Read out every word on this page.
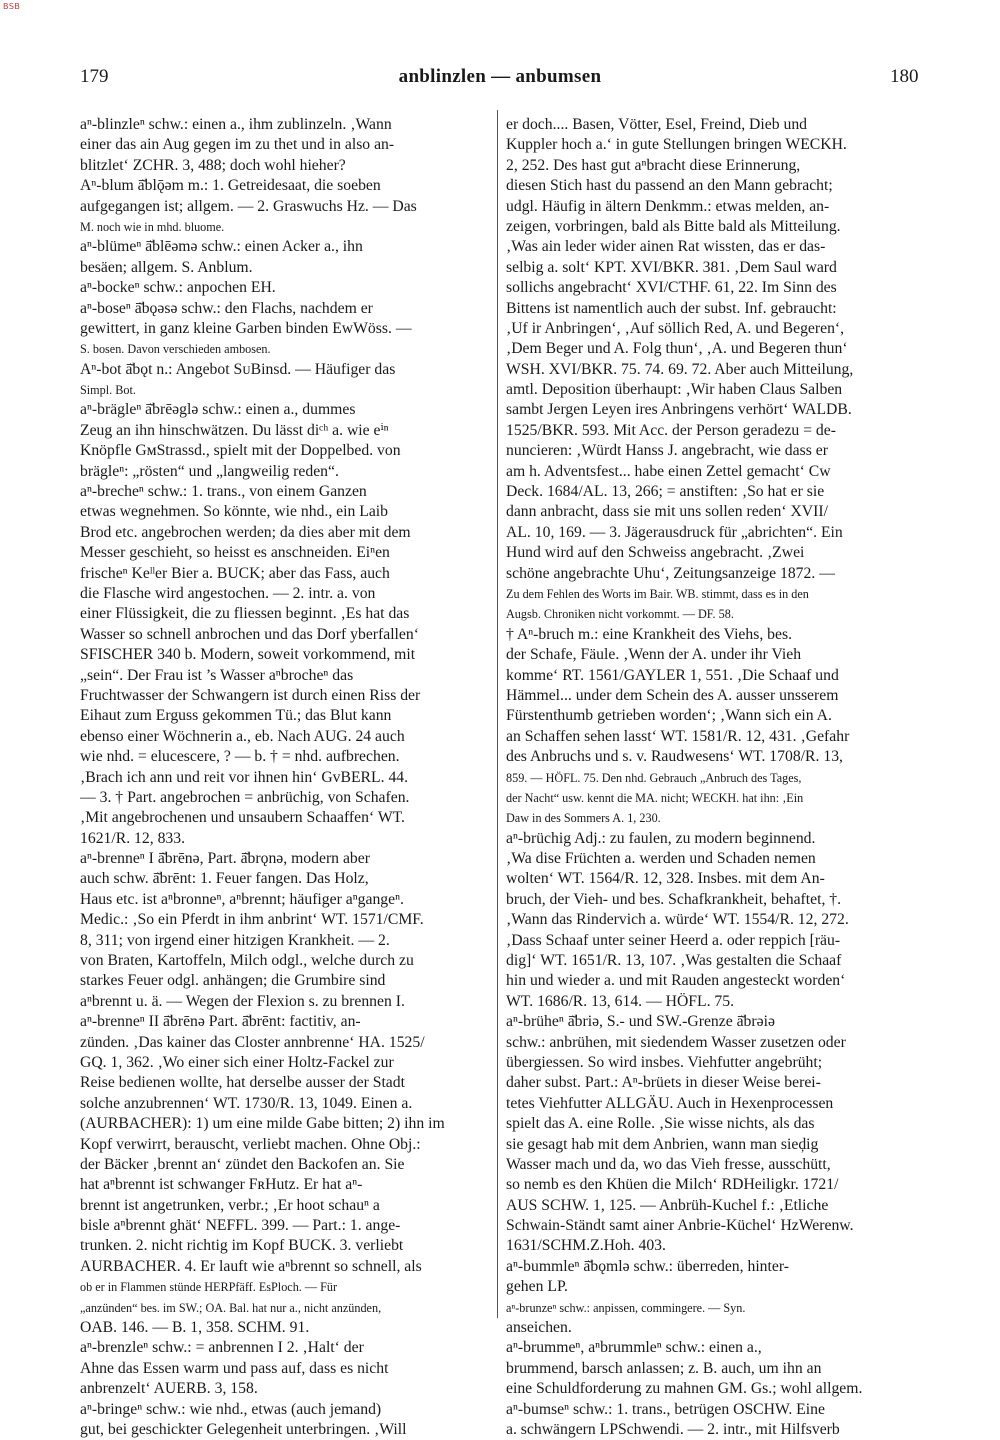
BSB
179	anblinzlen — anbumsen	180
aⁿ-blinzleⁿ schw.: einen a., ihm zublinzeln. ‚Wann
einer das ain Aug gegen im zu thet und in also an-
blitzlet‘ ZCHR. 3, 488; doch wohl hieher?
Aⁿ-blum ā̆blǭəm m.: 1. Getreidesaat, die soeben
aufgegangen ist; allgem. — 2. Graswuchs Hz. — Das
M. noch wie in mhd. bluome.
aⁿ-blümeⁿ ā̆blēəmə schw.: einen Acker a., ihn
besäen; allgem. S. Anblum.
aⁿ-bockeⁿ schw.: anpochen EH.
aⁿ-boseⁿ ā̆bǫəsə schw.: den Flachs, nachdem er
gewittert, in ganz kleine Garben binden EwWöss. —
S. bosen. Davon verschieden ambosen.
Aⁿ-bot ā̆bǫt n.: Angebot SᴜBinsd. — Häufiger das
Simpl. Bot.
aⁿ-brägleⁿ ā̆brēəglə schw.: einen a., dummes
Zeug an ihn hinschwätzen. Du lässt diᶜʰ a. wie eⁱⁿ
Knöpfle GмStrassd., spielt mit der Doppelbed. von
brägleⁿ: „rösten“ und „langweilig reden“.
aⁿ-brecheⁿ schw.: 1. trans., von einem Ganzen
etwas wegnehmen. So könnte, wie nhd., ein Laib
Brod etc. angebrochen werden; da dies aber mit dem
Messer geschieht, so heisst es anschneiden. Eiⁿen
frischeⁿ Keˡˡer Bier a. BUCK; aber das Fass, auch
die Flasche wird angestochen. — 2. intr. a. von
einer Flüssigkeit, die zu fliessen beginnt. ‚Es hat das
Wasser so schnell anbrochen und das Dorf yberfallen‘
SFISCHER 340 b. Modern, soweit vorkommend, mit
„sein“. Der Frau ist ’s Wasser aⁿbrocheⁿ das
Fruchtwasser der Schwangern ist durch einen Riss der
Eihaut zum Erguss gekommen Tü.; das Blut kann
ebenso einer Wöchnerin a., eb. Nach AUG. 24 auch
wie nhd. = elucescere, ? — b. † = nhd. aufbrechen.
‚Brach ich ann und reit vor ihnen hin‘ GvBERL. 44.
— 3. † Part. angebrochen = anbrüchig, von Schafen.
‚Mit angebrochenen und unsaubern Schaaffen‘ WT.
1621/R. 12, 833.
aⁿ-brenneⁿ I ā̆brēnə, Part. ā̆brǫnə, modern aber
auch schw. ā̆brēnt: 1. Feuer fangen. Das Holz,
Haus etc. ist aⁿbronneⁿ, aⁿbrennt; häufiger aⁿgangeⁿ.
Medic.: ‚So ein Pferdt in ihm anbrint‘ WT. 1571/CMF.
8, 311; von irgend einer hitzigen Krankheit. — 2.
von Braten, Kartoffeln, Milch odgl., welche durch zu
starkes Feuer odgl. anhängen; die Grumbire sind
aⁿbrennt u. ä. — Wegen der Flexion s. zu brennen I.
aⁿ-brenneⁿ II ā̆brēnə Part. ā̆brēnt: factitiv, an-
zünden. ‚Das kainer das Closter annbrenne‘ HA. 1525/
GQ. 1, 362. ‚Wo einer sich einer Holtz-Fackel zur
Reise bedienen wollte, hat derselbe ausser der Stadt
solche anzubrennen‘ WT. 1730/R. 13, 1049. Einen a.
(AURBACHER): 1) um eine milde Gabe bitten; 2) ihn im
Kopf verwirrt, berauscht, verliebt machen. Ohne Obj.:
der Bäcker ‚brennt an‘ zündet den Backofen an. Sie
hat aⁿbrennt ist schwanger FʀHutz. Er hat aⁿ-
brennt ist angetrunken, verbr.; ‚Er hoot schauⁿ a
bisle aⁿbrennt ghät‘ NEFFL. 399. — Part.: 1. ange-
trunken. 2. nicht richtig im Kopf BUCK. 3. verliebt
AURBACHER. 4. Er lauft wie aⁿbrennt so schnell, als
ob er in Flammen stünde HERPfäff. EsPloch. — Für
„anzünden“ bes. im SW.; OA. Bal. hat nur a., nicht anzünden,
OAB. 146. — B. 1, 358. SCHM. 91.
aⁿ-brenzleⁿ schw.: = anbrennen I 2. ‚Halt‘ der
Ahne das Essen warm und pass auf, dass es nicht
anbrenzelt‘ AUERB. 3, 158.
aⁿ-bringeⁿ schw.: wie nhd., etwas (auch jemand)
gut, bei geschickter Gelegenheit unterbringen. ‚Will
er doch.... Basen, Vötter, Esel, Freind, Dieb und
Kuppler hoch a.‘ in gute Stellungen bringen WECKH.
2, 252. Des hast gut aⁿbracht diese Erinnerung,
diesen Stich hast du passend an den Mann gebracht;
udgl. Häufig in ältern Denkmm.: etwas melden, an-
zeigen, vorbringen, bald als Bitte bald als Mitteilung.
‚Was ain leder wider ainen Rat wissten, das er das-
selbig a. solt‘ KPT. XVI/BKR. 381. ‚Dem Saul ward
sollichs angebracht‘ XVI/CTHF. 61, 22. Im Sinn des
Bittens ist namentlich auch der subst. Inf. gebraucht:
‚Uf ir Anbringen‘, ‚Auf söllich Red, A. und Begeren‘,
‚Dem Beger und A. Folg thun‘, ‚A. und Begeren thun‘
WSH. XVI/BKR. 75. 74. 69. 72. Aber auch Mitteilung,
amtl. Deposition überhaupt: ‚Wir haben Claus Salben
sambt Jergen Leyen ires Anbringens verhört‘ WALDB.
1525/BKR. 593. Mit Acc. der Person geradezu = de-
nuncieren: ‚Würdt Hanss J. angebracht, wie dass er
am h. Adventsfest... habe einen Zettel gemacht‘ Cw
Deck. 1684/AL. 13, 266; = anstiften: ‚So hat er sie
dann anbracht, dass sie mit uns sollen reden‘ XVII/
AL. 10, 169. — 3. Jägerausdruck für „abrichten“. Ein
Hund wird auf den Schweiss angebracht. ‚Zwei
schöne angebrachte Uhu‘, Zeitungsanzeige 1872. —
Zu dem Fehlen des Worts im Bair. WB. stimmt, dass es in den
Augsb. Chroniken nicht vorkommt. — DF. 58.
† Aⁿ-bruch m.: eine Krankheit des Viehs, bes.
der Schafe, Fäule. ‚Wenn der A. under ihr Vieh
komme‘ RT. 1561/GAYLER 1, 551. ‚Die Schaaf und
Hämmel... under dem Schein des A. ausser unsserem
Fürstenthumb getrieben worden‘; ‚Wann sich ein A.
an Schaffen sehen lasst‘ WT. 1581/R. 12, 431. ‚Gefahr
des Anbruchs und s. v. Raudwesens‘ WT. 1708/R. 13,
859. — HÖFL. 75. Den nhd. Gebrauch „Anbruch des Tages,
der Nacht“ usw. kennt die MA. nicht; WECKH. hat ihn: ‚Ein
Daw in des Sommers A. 1, 230.
aⁿ-brüchig Adj.: zu faulen, zu modern beginnend.
‚Wa dise Früchten a. werden und Schaden nemen
wolten‘ WT. 1564/R. 12, 328. Insbes. mit dem An-
bruch, der Vieh- und bes. Schafkrankheit, behaftet, †.
‚Wann das Rindervich a. würde‘ WT. 1554/R. 12, 272.
‚Dass Schaaf unter seiner Heerd a. oder reppich [räu-
dig]‘ WT. 1651/R. 13, 107. ‚Was gestalten die Schaaf
hin und wieder a. und mit Rauden angesteckt worden‘
WT. 1686/R. 13, 614. — HÖFL. 75.
aⁿ-brüheⁿ ā̆briə, S.- und SW.-Grenze ā̆brəiə
schw.: anbrühen, mit siedendem Wasser zusetzen oder
übergiessen. So wird insbes. Viehfutter angebrüht;
daher subst. Part.: Aⁿ-brüets in dieser Weise berei-
tetes Viehfutter ALLGÄU. Auch in Hexenprocessen
spielt das A. eine Rolle. ‚Sie wisse nichts, als das
sie gesagt hab mit dem Anbrien, wann man sieḑig
Wasser mach und da, wo das Vieh fresse, ausschütt,
so nemb es den Khüen die Milch‘ RDHeiligkr. 1721/
AUS SCHW. 1, 125. — Anbrüh-Kuchel f.: ‚Etliche
Schwain-Ständt samt ainer Anbrie-Küchel‘ HzWerenw.
1631/SCHM.Z.Hoh. 403.
aⁿ-bummleⁿ ā̆bǫmlə schw.: überreden, hinter-
gehen LP.
aⁿ-brunzeⁿ schw.: anpissen, commingere. — Syn.
anseichen.
aⁿ-brummeⁿ, aⁿbrummleⁿ schw.: einen a.,
brummend, barsch anlassen; z. B. auch, um ihn an
eine Schuldforderung zu mahnen GM. Gs.; wohl allgem.
aⁿ-bumseⁿ schw.: 1. trans., betrügen OSCHW. Eine
a. schwängern LPSchwendi. — 2. intr., mit Hilfsverb
